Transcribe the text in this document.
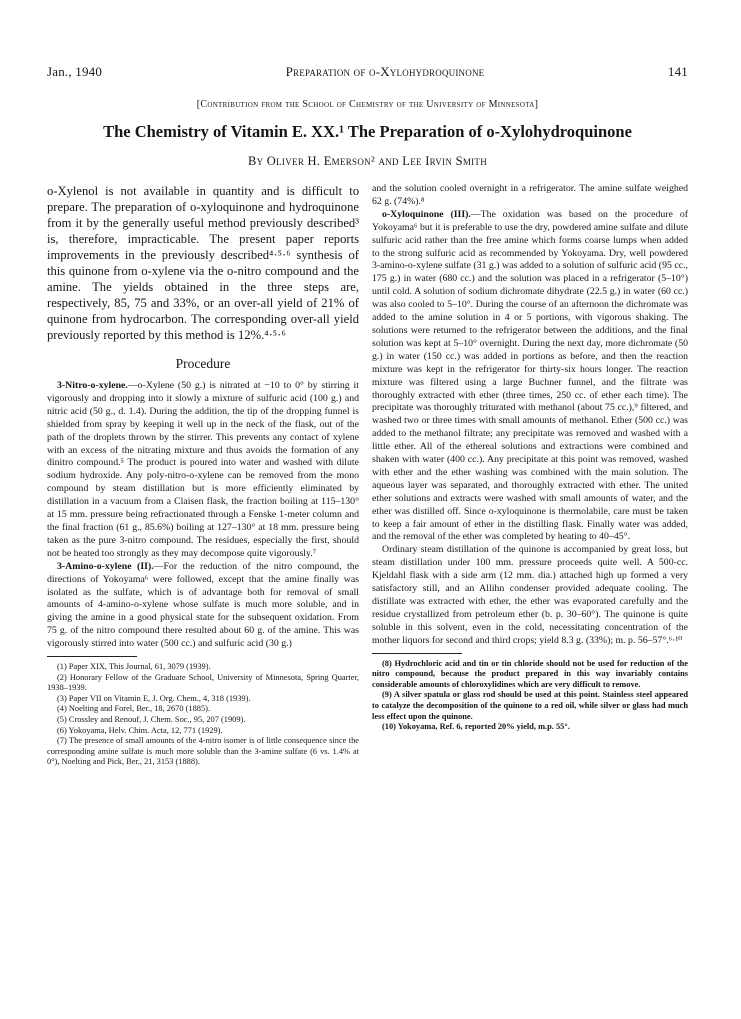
Jan., 1940	Preparation of o-Xylohydroquinone	141
[Contribution from the School of Chemistry of the University of Minnesota]
The Chemistry of Vitamin E. XX.¹ The Preparation of o-Xylohydroquinone
By Oliver H. Emerson² and Lee Irvin Smith

o-Xylenol is not available in quantity and is difficult to prepare. The preparation of o-xyloquinone and hydroquinone from it by the generally useful method previously described³ is, therefore, impracticable. The present paper reports improvements in the previously described⁴·⁵·⁶ synthesis of this quinone from o-xylene via the o-nitro compound and the amine. The yields obtained in the three steps are, respectively, 85, 75 and 33%, or an over-all yield of 21% of quinone from hydrocarbon. The corresponding over-all yield previously reported by this method is 12%.⁴·⁵·⁶

Procedure

3-Nitro-o-xylene.—o-Xylene (50 g.) is nitrated at −10 to 0° by stirring it vigorously and dropping into it slowly a mixture of sulfuric acid (100 g.) and nitric acid (50 g., d. 1.4). During the addition, the tip of the dropping funnel is shielded from spray by keeping it well up in the neck of the flask, out of the path of the droplets thrown by the stirrer. This prevents any contact of xylene with an excess of the nitrating mixture and thus avoids the formation of any dinitro compound.⁵ The product is poured into water and washed with dilute sodium hydroxide. Any poly-nitro-o-xylene can be removed from the mono compound by steam distillation but is more efficiently eliminated by distillation in a vacuum from a Claisen flask, the fraction boiling at 115–130° at 15 mm. pressure being refractionated through a Fenske 1-meter column and the final fraction (61 g., 85.6%) boiling at 127–130° at 18 mm. pressure being taken as the pure 3-nitro compound. The residues, especially the first, should not be heated too strongly as they may decompose quite vigorously.⁷

3-Amino-o-xylene (II).—For the reduction of the nitro compound, the directions of Yokoyama⁶ were followed, except that the amine finally was isolated as the sulfate, which is of advantage both for removal of small amounts of 4-amino-o-xylene whose sulfate is much more soluble, and in giving the amine in a good physical state for the subsequent oxidation. From 75 g. of the nitro compound there resulted about 60 g. of the amine. This was vigorously stirred into water (500 cc.) and sulfuric acid (30 g.)

(1) Paper XIX, This Journal, 61, 3079 (1939).
(2) Honorary Fellow of the Graduate School, University of Minnesota, Spring Quarter, 1938–1939.
(3) Paper VII on Vitamin E, J. Org. Chem., 4, 318 (1939).
(4) Noelting and Forel, Ber., 18, 2670 (1885).
(5) Crossley and Renouf, J. Chem. Soc., 95, 207 (1909).
(6) Yokoyama, Helv. Chim. Acta, 12, 771 (1929).
(7) The presence of small amounts of the 4-nitro isomer is of little consequence since the corresponding amine sulfate is much more soluble than the 3-amine sulfate (6 vs. 1.4% at 0°), Noelting and Pick, Ber., 21, 3153 (1888).

and the solution cooled overnight in a refrigerator. The amine sulfate weighed 62 g. (74%).⁸

o-Xyloquinone (III).—The oxidation was based on the procedure of Yokoyama⁶ but it is preferable to use the dry, powdered amine sulfate and dilute sulfuric acid rather than the free amine which forms coarse lumps when added to the strong sulfuric acid as recommended by Yokoyama. Dry, well powdered 3-amino-o-xylene sulfate (31 g.) was added to a solution of sulfuric acid (95 cc., 175 g.) in water (680 cc.) and the solution was placed in a refrigerator (5–10°) until cold. A solution of sodium dichromate dihydrate (22.5 g.) in water (60 cc.) was also cooled to 5–10°. During the course of an afternoon the dichromate was added to the amine solution in 4 or 5 portions, with vigorous shaking. The solutions were returned to the refrigerator between the additions, and the final solution was kept at 5–10° overnight. During the next day, more dichromate (50 g.) in water (150 cc.) was added in portions as before, and then the reaction mixture was kept in the refrigerator for thirty-six hours longer. The reaction mixture was filtered using a large Buchner funnel, and the filtrate was thoroughly extracted with ether (three times, 250 cc. of ether each time). The precipitate was thoroughly triturated with methanol (about 75 cc.),⁹ filtered, and washed two or three times with small amounts of methanol. Ether (500 cc.) was added to the methanol filtrate; any precipitate was removed and washed with a little ether. All of the ethereal solutions and extractions were combined and shaken with water (400 cc.). Any precipitate at this point was removed, washed with ether and the ether washing was combined with the main solution. The aqueous layer was separated, and thoroughly extracted with ether. The united ether solutions and extracts were washed with small amounts of water, and the ether was distilled off. Since o-xyloquinone is thermolabile, care must be taken to keep a fair amount of ether in the distilling flask. Finally water was added, and the removal of the ether was completed by heating to 40–45°.

Ordinary steam distillation of the quinone is accompanied by great loss, but steam distillation under 100 mm. pressure proceeds quite well. A 500-cc. Kjeldahl flask with a side arm (12 mm. dia.) attached high up formed a very satisfactory still, and an Allihn condenser provided adequate cooling. The distillate was extracted with ether, the ether was evaporated carefully and the residue crystallized from petroleum ether (b. p. 30–60°). The quinone is quite soluble in this solvent, even in the cold, necessitating concentration of the mother liquors for second and third crops; yield 8.3 g. (33%); m. p. 56–57°.⁶·¹⁰

(8) Hydrochloric acid and tin or tin chloride should not be used for reduction of the nitro compound, because the product prepared in this way invariably contains considerable amounts of chloroxylidines which are very difficult to remove.
(9) A silver spatula or glass rod should be used at this point. Stainless steel appeared to catalyze the decomposition of the quinone to a red oil, while silver or glass had much less effect upon the quinone.
(10) Yokoyama, Ref. 6, reported 20% yield, m.p. 55°.
